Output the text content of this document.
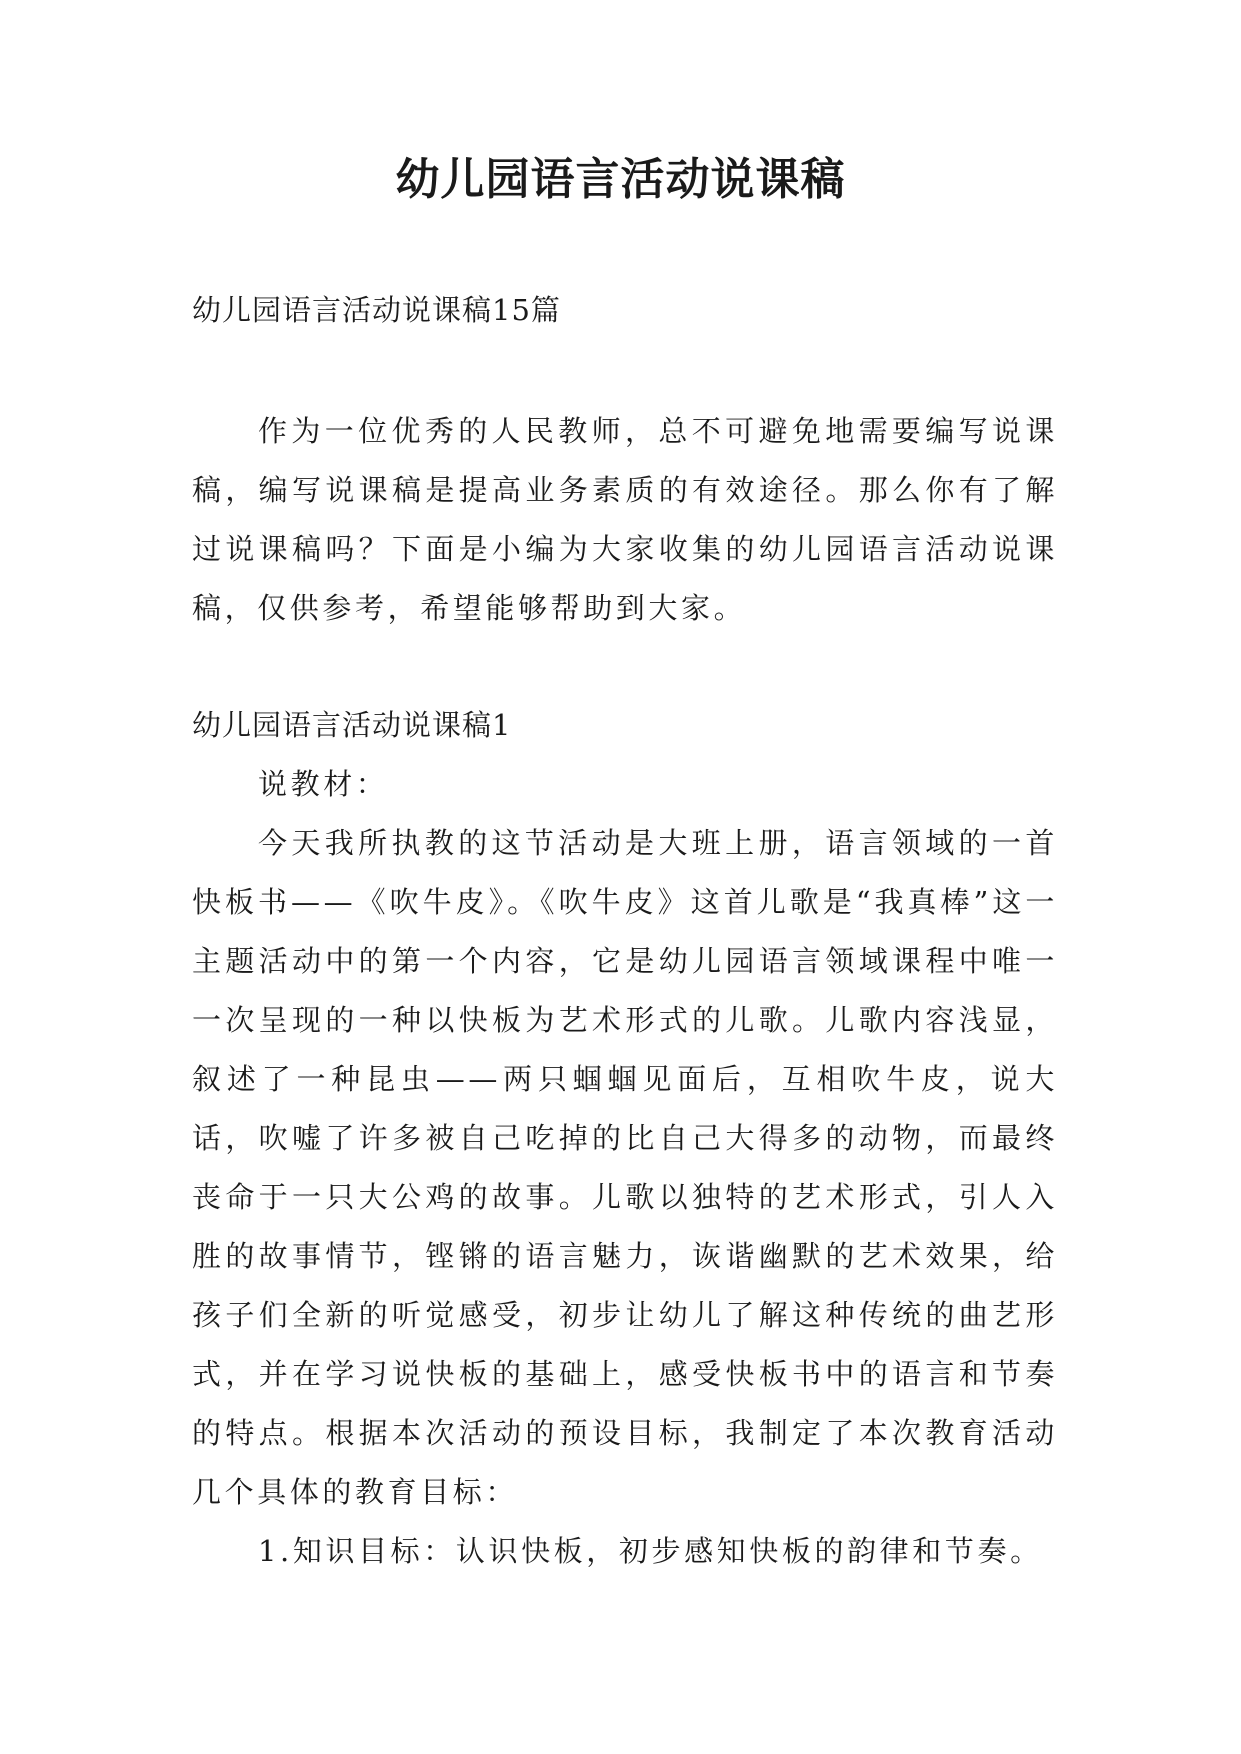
幼儿园语言活动说课稿

幼儿园语言活动说课稿15篇

作为一位优秀的人民教师，总不可避免地需要编写说课稿，编写说课稿是提高业务素质的有效途径。那么你有了解过说课稿吗？下面是小编为大家收集的幼儿园语言活动说课稿，仅供参考，希望能够帮助到大家。

幼儿园语言活动说课稿1

说教材：

今天我所执教的这节活动是大班上册，语言领域的一首快板书——《吹牛皮》。《吹牛皮》这首儿歌是“我真棒”这一主题活动中的第一个内容，它是幼儿园语言领域课程中唯一一次呈现的一种以快板为艺术形式的儿歌。儿歌内容浅显，叙述了一种昆虫——两只蝈蝈见面后，互相吹牛皮，说大话，吹嘘了许多被自己吃掉的比自己大得多的动物，而最终丧命于一只大公鸡的故事。儿歌以独特的艺术形式，引人入胜的故事情节，铿锵的语言魅力，诙谐幽默的艺术效果，给孩子们全新的听觉感受，初步让幼儿了解这种传统的曲艺形式，并在学习说快板的基础上，感受快板书中的语言和节奏的特点。根据本次活动的预设目标，我制定了本次教育活动几个具体的教育目标：

1.知识目标：认识快板，初步感知快板的韵律和节奏。
